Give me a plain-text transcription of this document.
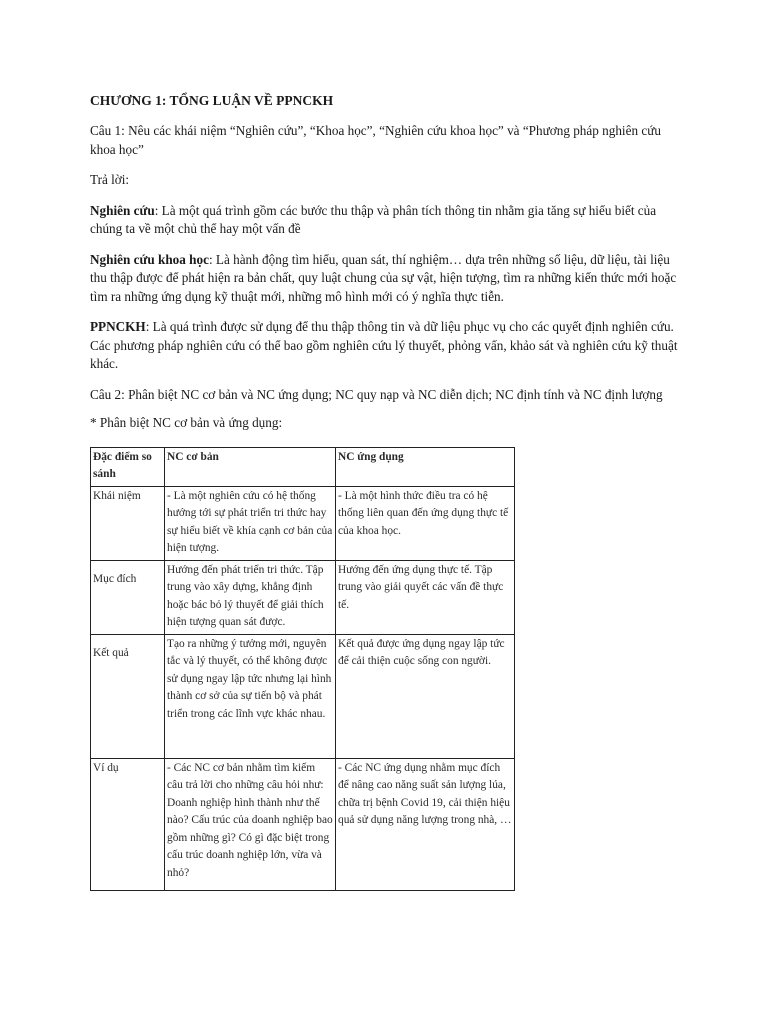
CHƯƠNG 1: TỔNG LUẬN VỀ PPNCKH

Câu 1: Nêu các khái niệm “Nghiên cứu”, “Khoa học”, “Nghiên cứu khoa học” và “Phương pháp nghiên cứu khoa học”

Trả lời:

Nghiên cứu: Là một quá trình gồm các bước thu thập và phân tích thông tin nhằm gia tăng sự hiểu biết của chúng ta về một chủ thể hay một vấn đề

Nghiên cứu khoa học: Là hành động tìm hiểu, quan sát, thí nghiệm… dựa trên những số liệu, dữ liệu, tài liệu thu thập được để phát hiện ra bản chất, quy luật chung của sự vật, hiện tượng, tìm ra những kiến thức mới hoặc tìm ra những ứng dụng kỹ thuật mới, những mô hình mới có ý nghĩa thực tiễn.

PPNCKH: Là quá trình được sử dụng để thu thập thông tin và dữ liệu phục vụ cho các quyết định nghiên cứu. Các phương pháp nghiên cứu có thể bao gồm nghiên cứu lý thuyết, phỏng vấn, khảo sát và nghiên cứu kỹ thuật khác.

Câu 2: Phân biệt NC cơ bản và NC ứng dụng; NC quy nạp và NC diễn dịch; NC định tính và NC định lượng

* Phân biệt NC cơ bản và ứng dụng:

Đặc điểm so sánh	NC cơ bản	NC ứng dụng
Khái niệm	- Là một nghiên cứu có hệ thống hướng tới sự phát triển tri thức hay sự hiểu biết về khía cạnh cơ bản của hiện tượng.	- Là một hình thức điều tra có hệ thống liên quan đến ứng dụng thực tế của khoa học.
Mục đích	Hướng đến phát triển tri thức. Tập trung vào xây dựng, khẳng định hoặc bác bỏ lý thuyết để giải thích hiện tượng quan sát được.	Hướng đến ứng dụng thực tế. Tập trung vào giải quyết các vấn đề thực tế.
Kết quả	Tạo ra những ý tưởng mới, nguyên tắc và lý thuyết, có thể không được sử dụng ngay lập tức nhưng lại hình thành cơ sở của sự tiến bộ và phát triển trong các lĩnh vực khác nhau.	Kết quả được ứng dụng ngay lập tức để cải thiện cuộc sống con người.
Ví dụ	- Các NC cơ bản nhằm tìm kiếm câu trả lời cho những câu hỏi như: Doanh nghiệp hình thành như thế nào? Cấu trúc của doanh nghiệp bao gồm những gì? Có gì đặc biệt trong cấu trúc doanh nghiệp lớn, vừa và nhỏ?	- Các NC ứng dụng nhằm mục đích để nâng cao năng suất sản lượng lúa, chữa trị bệnh Covid 19, cải thiện hiệu quả sử dụng năng lượng trong nhà, …
